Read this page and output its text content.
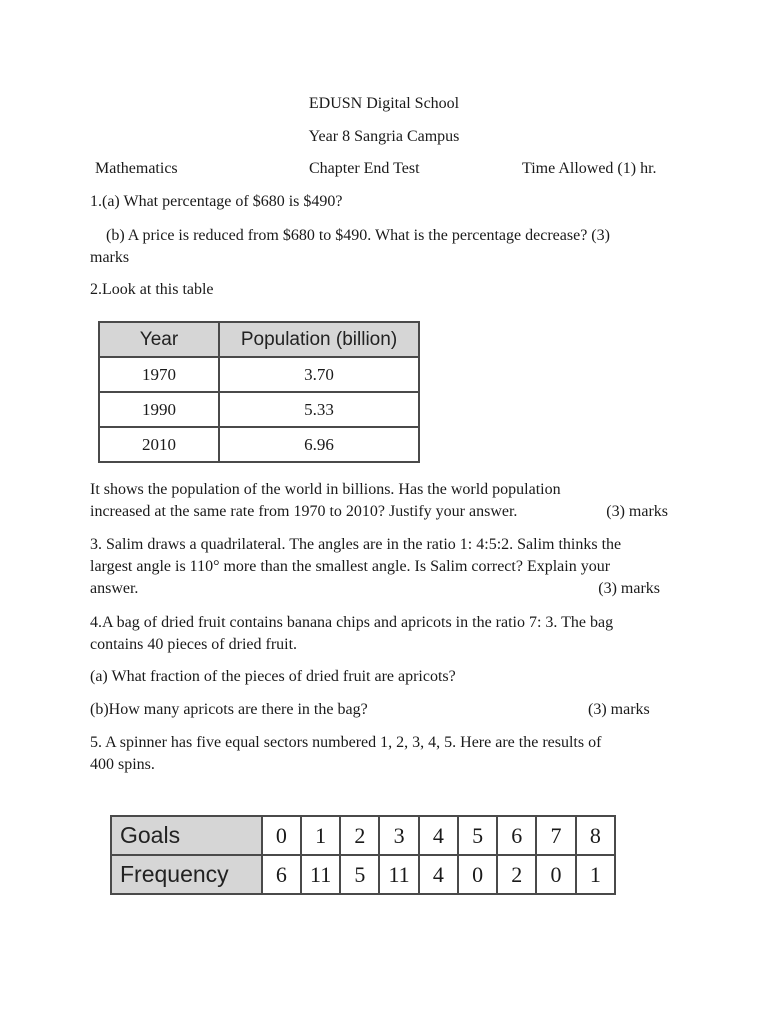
EDUSN Digital School
Year 8 Sangria Campus
Mathematics	Chapter End Test	Time Allowed (1) hr.
1.(a) What percentage of $680 is $490?
(b) A price is reduced from $680 to $490. What is the percentage decrease? (3)
marks
2.Look at this table
Year	Population (billion)
1970	3.70
1990	5.33
2010	6.96
It shows the population of the world in billions. Has the world population
increased at the same rate from 1970 to 2010? Justify your answer.	(3) marks
3. Salim draws a quadrilateral. The angles are in the ratio 1: 4:5:2. Salim thinks the
largest angle is 110° more than the smallest angle. Is Salim correct? Explain your
answer.	(3) marks
4.A bag of dried fruit contains banana chips and apricots in the ratio 7: 3. The bag
contains 40 pieces of dried fruit.
(a) What fraction of the pieces of dried fruit are apricots?
(b)How many apricots are there in the bag?	(3) marks
5. A spinner has five equal sectors numbered 1, 2, 3, 4, 5. Here are the results of
400 spins.
Goals	0	1	2	3	4	5	6	7	8
Frequency	6	11	5	11	4	0	2	0	1
